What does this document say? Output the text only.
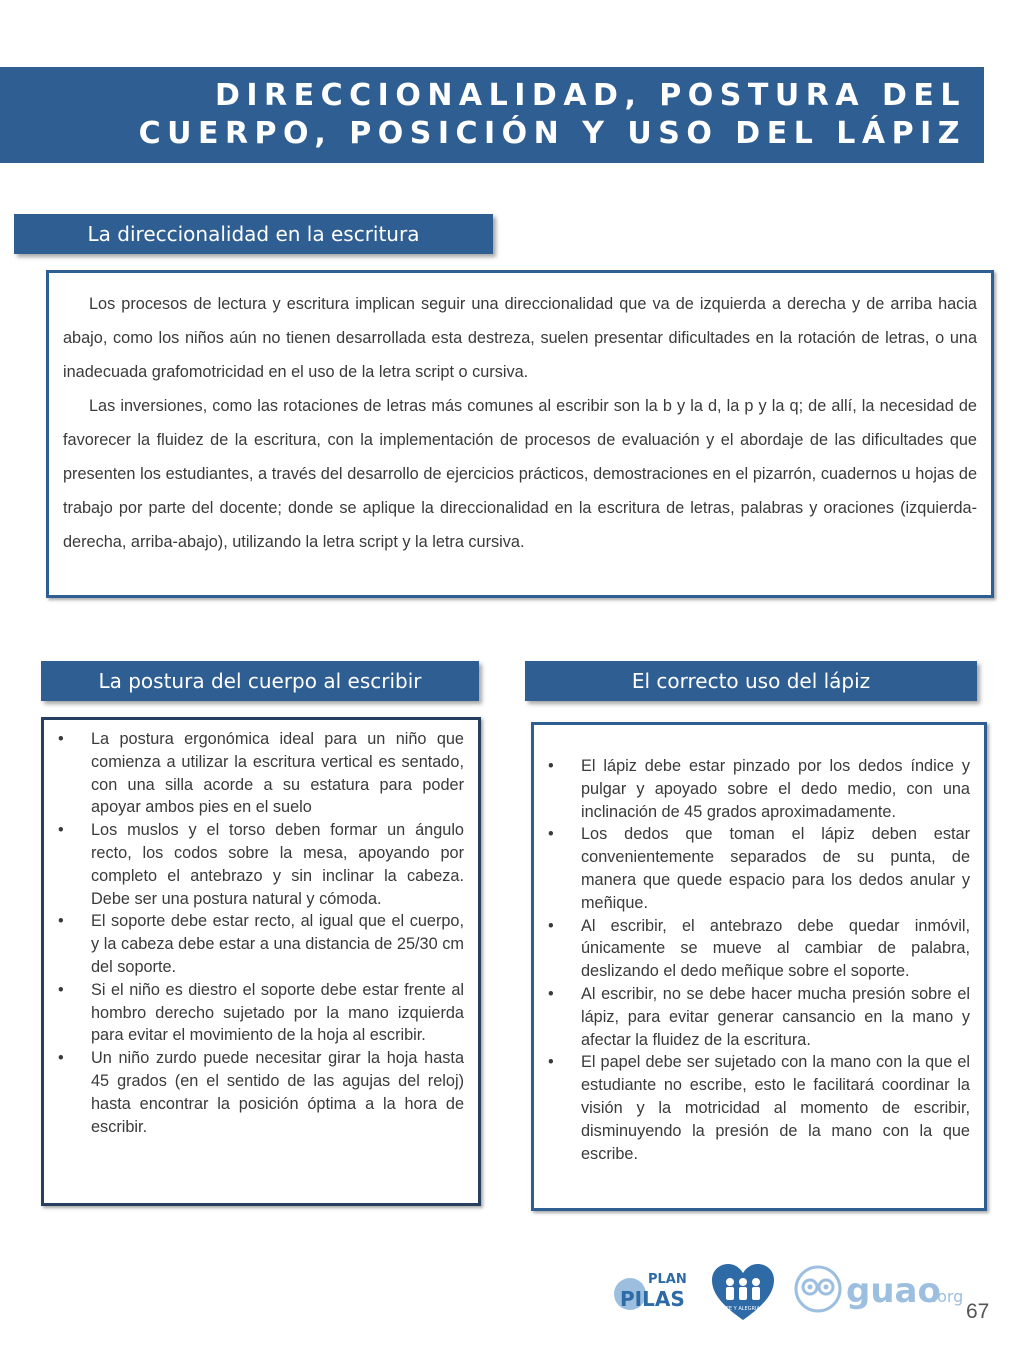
DIRECCIONALIDAD, POSTURA DEL
CUERPO, POSICIÓN Y USO DEL LÁPIZ
La direccionalidad en la escritura

Los procesos de lectura y escritura implican seguir una direccionalidad que va de izquierda a derecha y de arriba hacia abajo, como los niños aún no tienen desarrollada esta destreza, suelen presentar dificultades en la rotación de letras, o una inadecuada grafomotricidad en el uso de la letra script o cursiva.

Las inversiones, como las rotaciones de letras más comunes al escribir son la b y la d, la p y la q; de allí, la necesidad de favorecer la fluidez de la escritura, con la implementación de procesos de evaluación y el abordaje de las dificultades que presenten los estudiantes, a través del desarrollo de ejercicios prácticos, demostraciones en el pizarrón, cuadernos u hojas de trabajo por parte del docente; donde se aplique la direccionalidad en la escritura de letras, palabras y oraciones (izquierda-derecha, arriba-abajo), utilizando la letra script y la letra cursiva.

La postura del cuerpo al escribir	El correcto uso del lápiz
• La postura ergonómica ideal para un niño que comienza a utilizar la escritura vertical es sentado, con una silla acorde a su estatura para poder apoyar ambos pies en el suelo
• Los muslos y el torso deben formar un ángulo recto, los codos sobre la mesa, apoyando por completo el antebrazo y sin inclinar la cabeza. Debe ser una postura natural y cómoda.
• El soporte debe estar recto, al igual que el cuerpo, y la cabeza debe estar a una distancia de 25/30 cm del soporte.
• Si el niño es diestro el soporte debe estar frente al hombro derecho sujetado por la mano izquierda para evitar el movimiento de la hoja al escribir.
• Un niño zurdo puede necesitar girar la hoja hasta 45 grados (en el sentido de las agujas del reloj) hasta encontrar la posición óptima a la hora de escribir.
• El lápiz debe estar pinzado por los dedos índice y pulgar y apoyado sobre el dedo medio, con una inclinación de 45 grados aproximadamente.
• Los dedos que toman el lápiz deben estar convenientemente separados de su punta, de manera que quede espacio para los dedos anular y meñique.
• Al escribir, el antebrazo debe quedar inmóvil, únicamente se mueve al cambiar de palabra, deslizando el dedo meñique sobre el soporte.
• Al escribir, no se debe hacer mucha presión sobre el lápiz, para evitar generar cansancio en la mano y afectar la fluidez de la escritura.
• El papel debe ser sujetado con la mano con la que el estudiante no escribe, esto le facilitará coordinar la visión y la motricidad al momento de escribir, disminuyendo la presión de la mano con la que escribe.
PLAN
PILAS	FE Y ALEGRIA	guao
.org
67
